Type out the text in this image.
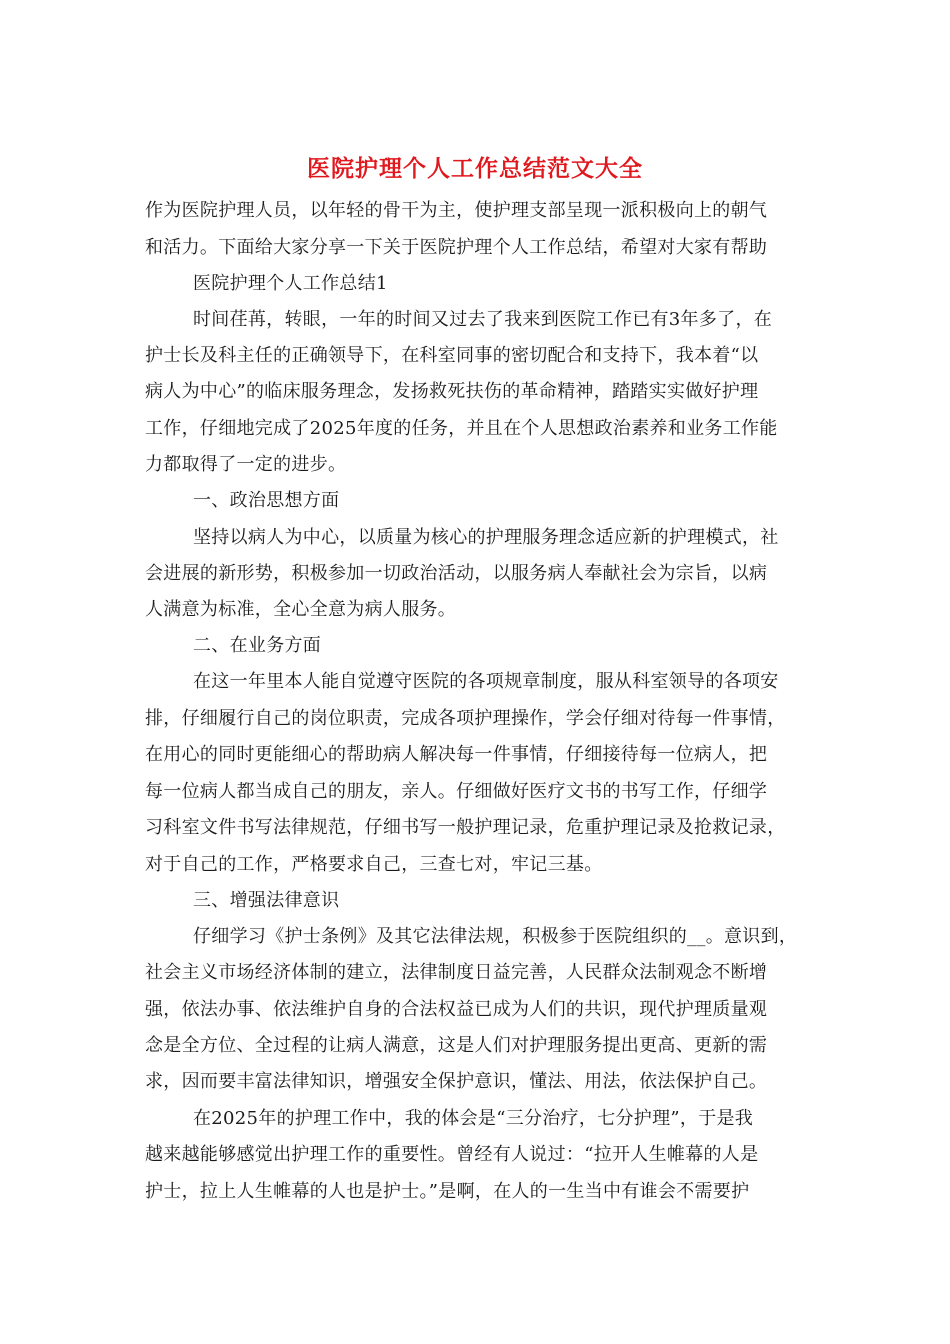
医院护理个人工作总结范文大全
作为医院护理人员，以年轻的骨干为主，使护理支部呈现一派积极向上的朝气
和活力。下面给大家分享一下关于医院护理个人工作总结，希望对大家有帮助
医院护理个人工作总结1
时间荏苒，转眼，一年的时间又过去了我来到医院工作已有3年多了，在
护士长及科主任的正确领导下，在科室同事的密切配合和支持下，我本着“以
病人为中心”的临床服务理念，发扬救死扶伤的革命精神，踏踏实实做好护理
工作，仔细地完成了2025年度的任务，并且在个人思想政治素养和业务工作能
力都取得了一定的进步。
一、政治思想方面
坚持以病人为中心，以质量为核心的护理服务理念适应新的护理模式，社
会进展的新形势，积极参加一切政治活动，以服务病人奉献社会为宗旨，以病
人满意为标准，全心全意为病人服务。
二、在业务方面
在这一年里本人能自觉遵守医院的各项规章制度，服从科室领导的各项安
排，仔细履行自己的岗位职责，完成各项护理操作，学会仔细对待每一件事情，
在用心的同时更能细心的帮助病人解决每一件事情，仔细接待每一位病人，把
每一位病人都当成自己的朋友，亲人。仔细做好医疗文书的书写工作，仔细学
习科室文件书写法律规范，仔细书写一般护理记录，危重护理记录及抢救记录，
对于自己的工作，严格要求自己，三查七对，牢记三基。
三、增强法律意识
仔细学习《护士条例》及其它法律法规，积极参于医院组织的__。意识到，
社会主义市场经济体制的建立，法律制度日益完善，人民群众法制观念不断增
强，依法办事、依法维护自身的合法权益已成为人们的共识，现代护理质量观
念是全方位、全过程的让病人满意，这是人们对护理服务提出更高、更新的需
求，因而要丰富法律知识，增强安全保护意识，懂法、用法，依法保护自己。
在2025年的护理工作中，我的体会是“三分治疗，七分护理”，于是我
越来越能够感觉出护理工作的重要性。曾经有人说过：“拉开人生帷幕的人是
护士，拉上人生帷幕的人也是护士。”是啊，在人的一生当中有谁会不需要护
